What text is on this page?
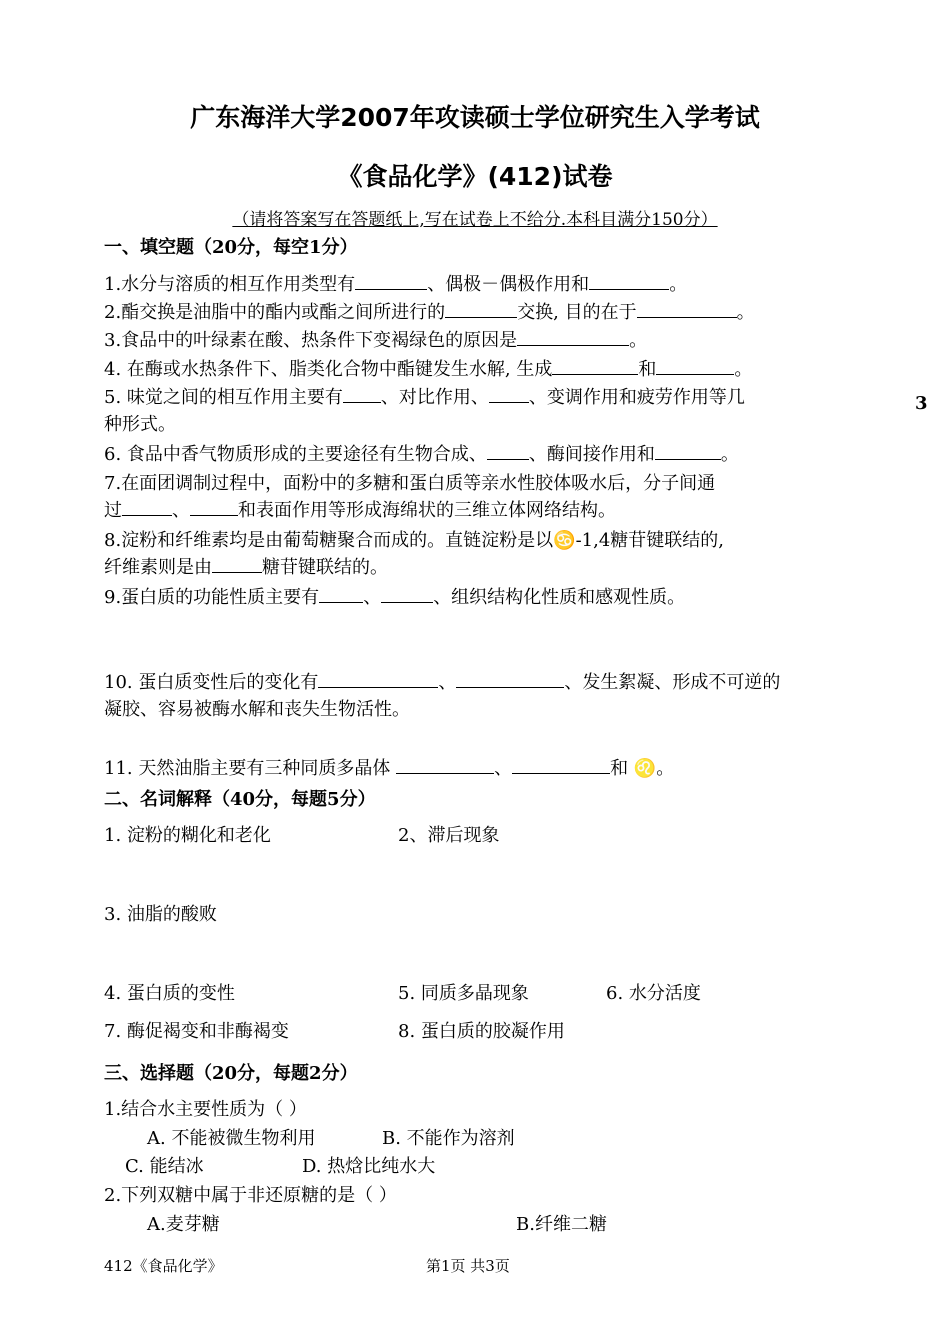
广东海洋大学2007年攻读硕士学位研究生入学考试
《食品化学》(412)试卷
（请将答案写在答题纸上,写在试卷上不给分.本科目满分150分）
3
一、填空题（20分，每空1分）
1.水分与溶质的相互作用类型有	、偶极－偶极作用和	。
2.酯交换是油脂中的酯内或酯之间所进行的	交换, 目的在于	。
3.食品中的叶绿素在酸、热条件下变褐绿色的原因是	。
4. 在酶或水热条件下、脂类化合物中酯键发生水解, 生成	和	。
5. 味觉之间的相互作用主要有 、对比作用、 、变调作用和疲劳作用等几
种形式。
6. 食品中香气物质形成的主要途径有生物合成、 、酶间接作用和	。
7.在面团调制过程中，面粉中的多糖和蛋白质等亲水性胶体吸水后，分子间通
过	、	和表面作用等形成海绵状的三维立体网络结构。
8.淀粉和纤维素均是由葡萄糖聚合而成的。直链淀粉是以♋-1,4糖苷键联结的,
纤维素则是由	糖苷键联结的。
9.蛋白质的功能性质主要有 、	、组织结构化性质和感观性质。
10. 蛋白质变性后的变化有	、	、发生絮凝、形成不可逆的
凝胶、容易被酶水解和丧失生物活性。
11. 天然油脂主要有三种同质多晶体	、	和 ♌。
二、名词解释（40分，每题5分）
1. 淀粉的糊化和老化	2、滞后现象
3. 油脂的酸败
4. 蛋白质的变性	5. 同质多晶现象	6. 水分活度
7. 酶促褐变和非酶褐变	8. 蛋白质的胶凝作用
三、选择题（20分，每题2分）
1.结合水主要性质为（ ）
A. 不能被微生物利用	B. 不能作为溶剂
C. 能结冰	D. 热焓比纯水大
2.下列双糖中属于非还原糖的是（ ）
A.麦芽糖	B.纤维二糖
412《食品化学》	第1页 共3页
